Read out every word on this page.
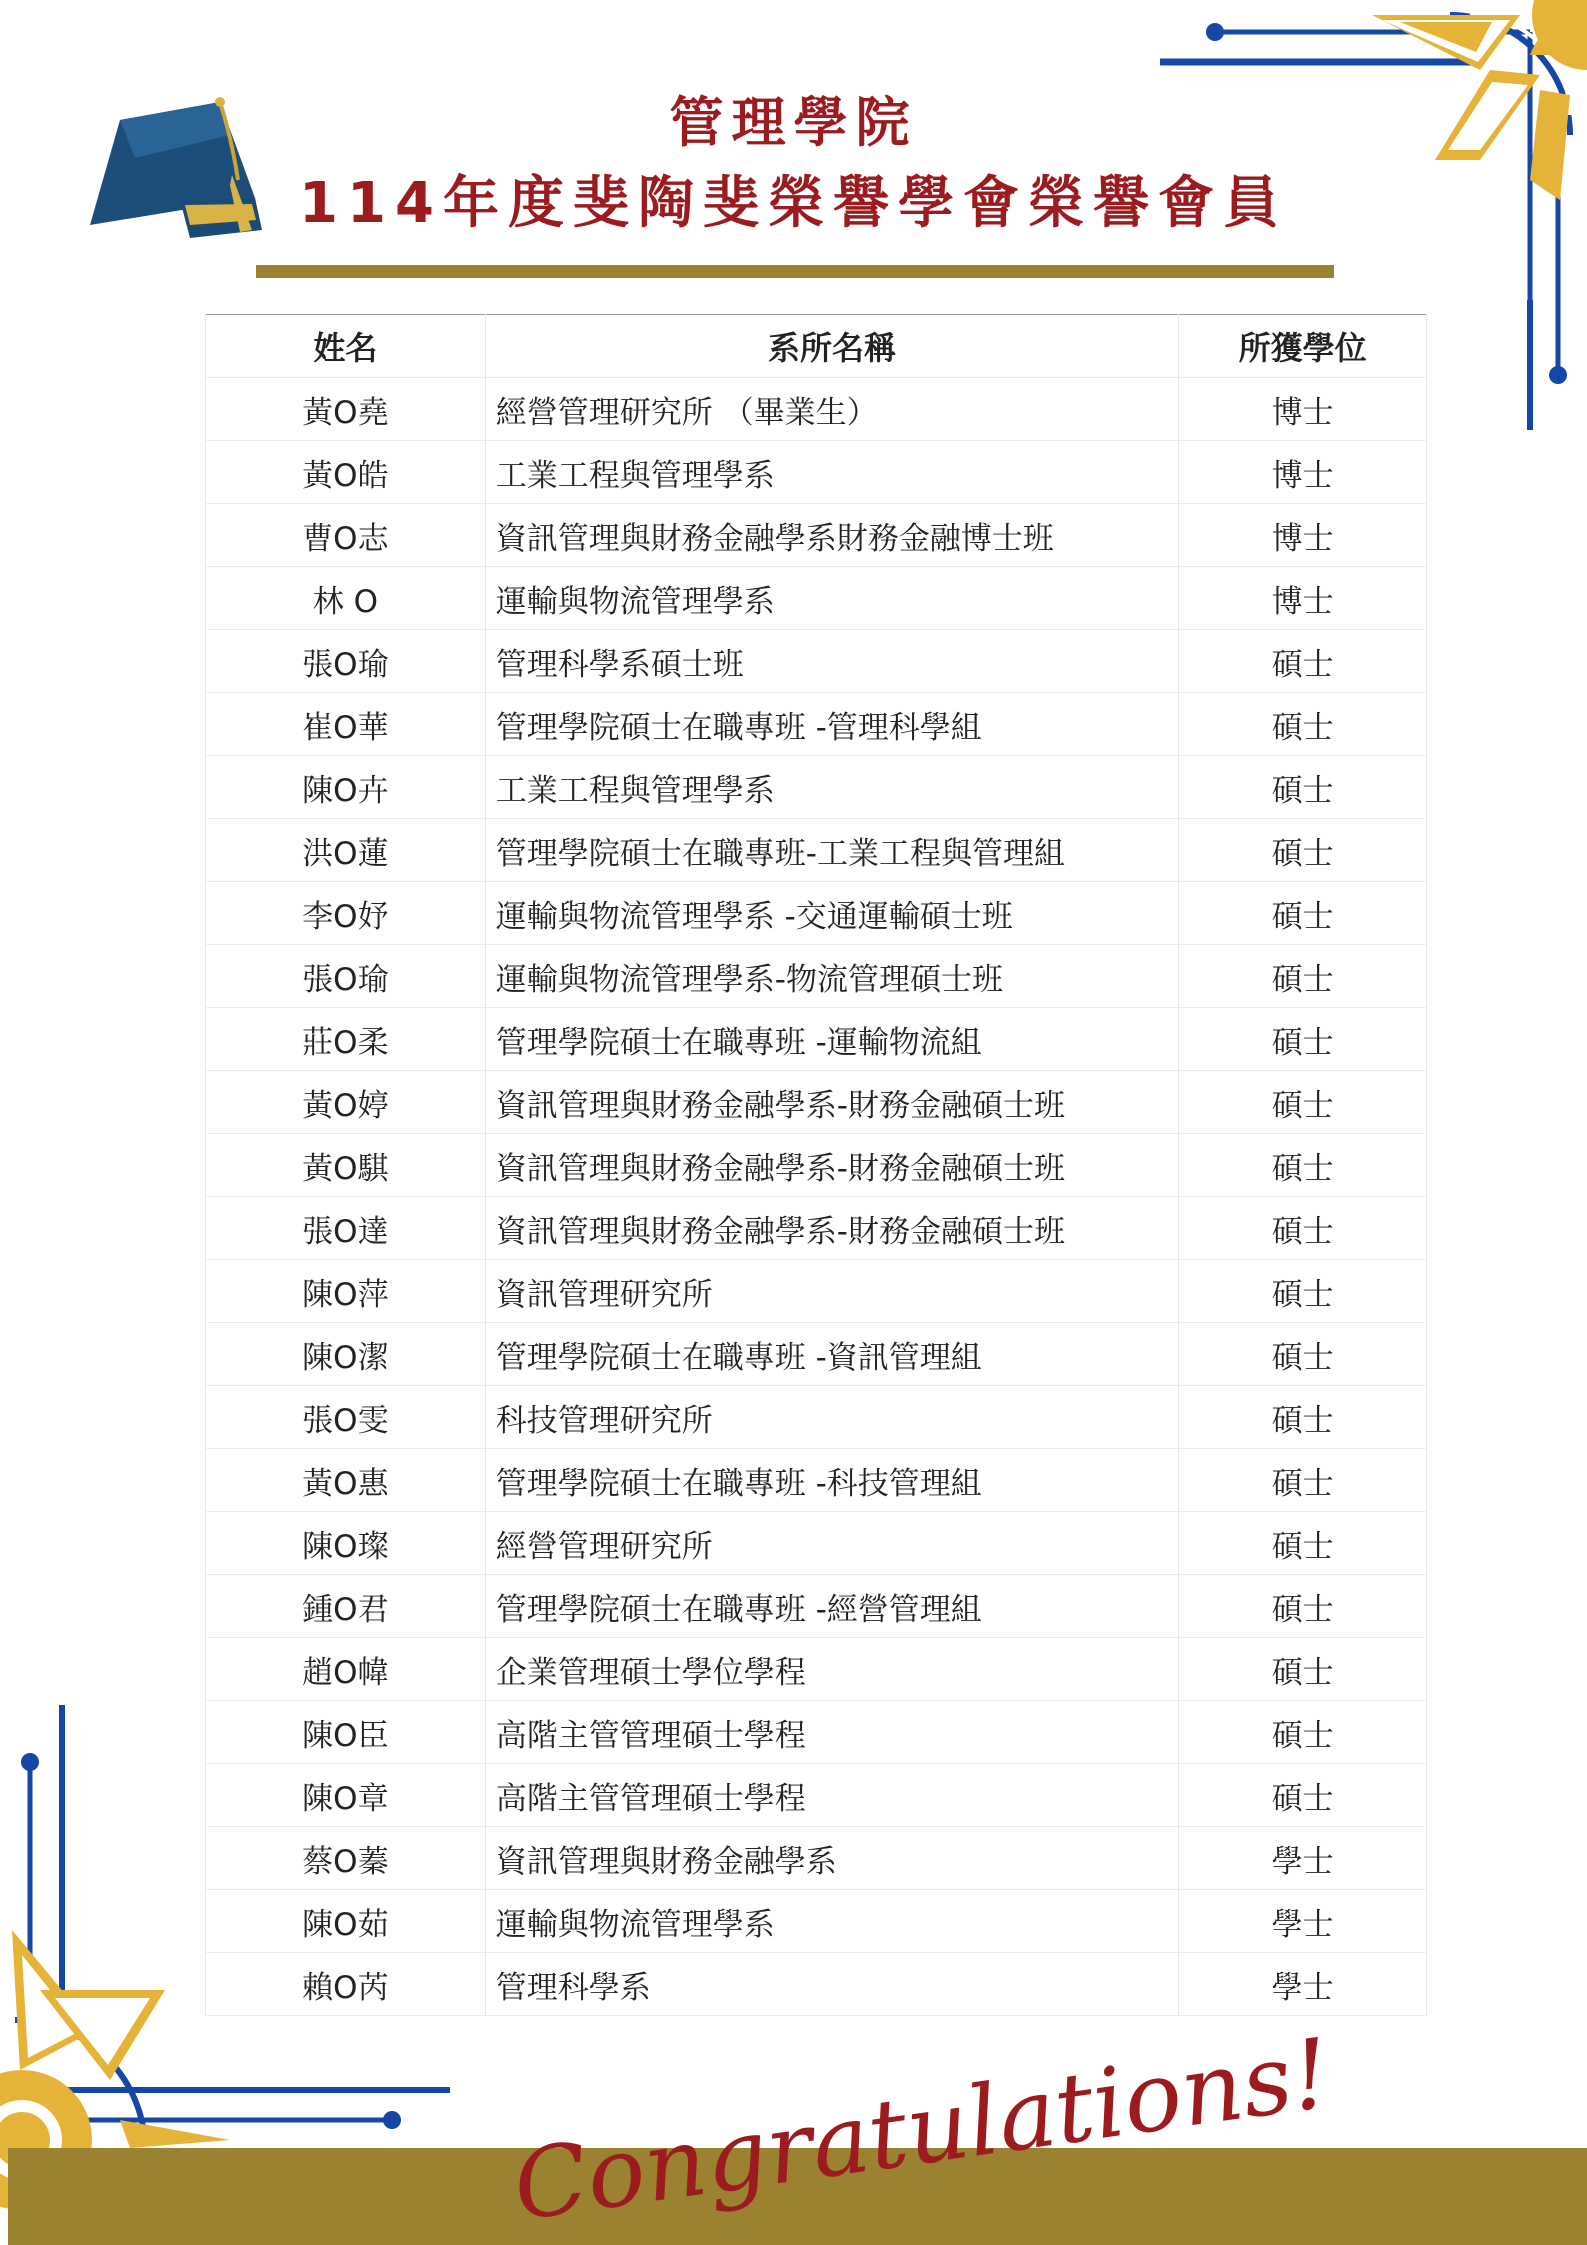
管理學院
114年度斐陶斐榮譽學會榮譽會員
姓名	系所名稱	所獲學位
黃O堯	經營管理研究所 （畢業生）	博士
黃O皓	工業工程與管理學系	博士
曹O志	資訊管理與財務金融學系財務金融博士班	博士
林 O	運輸與物流管理學系	博士
張O瑜	管理科學系碩士班	碩士
崔O華	管理學院碩士在職專班 -管理科學組	碩士
陳O卉	工業工程與管理學系	碩士
洪O蓮	管理學院碩士在職專班-工業工程與管理組	碩士
李O妤	運輸與物流管理學系 -交通運輸碩士班	碩士
張O瑜	運輸與物流管理學系-物流管理碩士班	碩士
莊O柔	管理學院碩士在職專班 -運輸物流組	碩士
黃O婷	資訊管理與財務金融學系-財務金融碩士班	碩士
黃O騏	資訊管理與財務金融學系-財務金融碩士班	碩士
張O達	資訊管理與財務金融學系-財務金融碩士班	碩士
陳O萍	資訊管理研究所	碩士
陳O潔	管理學院碩士在職專班 -資訊管理組	碩士
張O雯	科技管理研究所	碩士
黃O惠	管理學院碩士在職專班 -科技管理組	碩士
陳O璨	經營管理研究所	碩士
鍾O君	管理學院碩士在職專班 -經營管理組	碩士
趙O幃	企業管理碩士學位學程	碩士
陳O臣	高階主管管理碩士學程	碩士
陳O章	高階主管管理碩士學程	碩士
蔡O蓁	資訊管理與財務金融學系	學士
陳O茹	運輸與物流管理學系	學士
賴O芮	管理科學系	學士
Congratulations!
